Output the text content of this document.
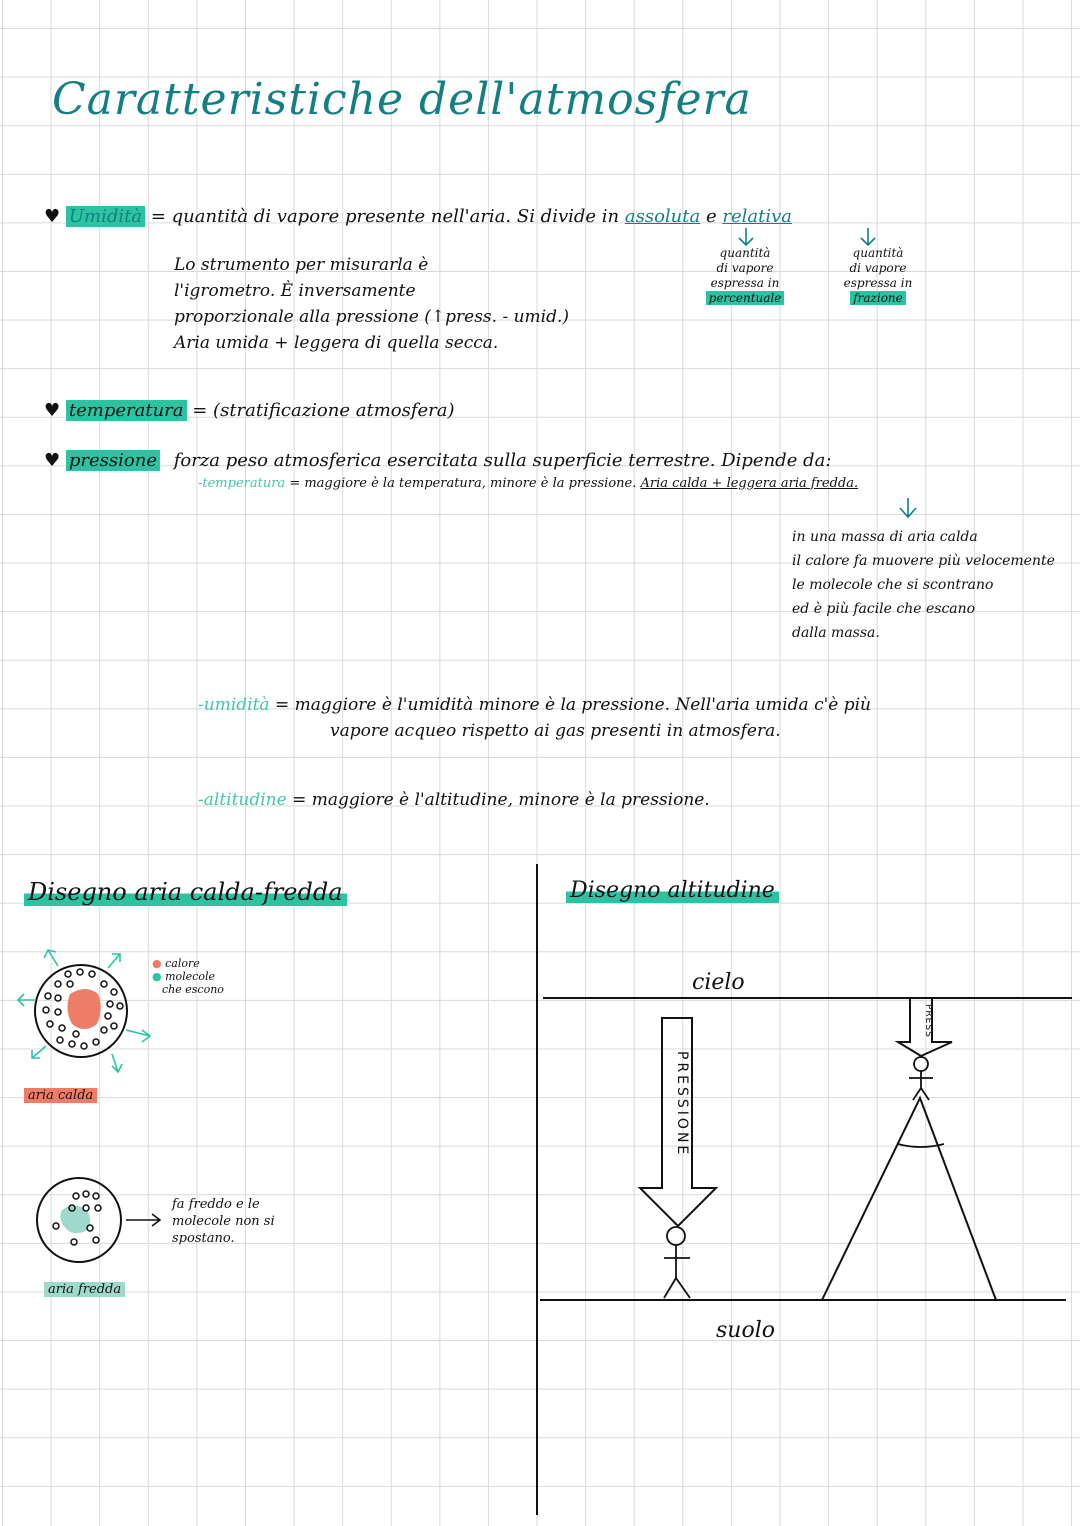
Caratteristiche dell'atmosfera
♥ Umidità = quantità di vapore presente nell'aria. Si divide in assoluta e relativa
quantità
di vapore
espressa in
percentuale
quantità
di vapore
espressa in
frazione
Lo strumento per misurarla è
l'igrometro. È inversamente
proporzionale alla pressione (↑press. - umid.)
Aria umida + leggera di quella secca.
♥ temperatura = (stratificazione atmosfera)
♥ pressione forza peso atmosferica esercitata sulla superficie terrestre. Dipende da:
-temperatura = maggiore è la temperatura, minore è la pressione. Aria calda + leggera aria fredda.
in una massa di aria calda
il calore fa muovere più velocemente
le molecole che si scontrano
ed è più facile che escano
dalla massa.
-umidità = maggiore è l'umidità minore è la pressione. Nell'aria umida c'è più
vapore acqueo rispetto ai gas presenti in atmosfera.
-altitudine = maggiore è l'altitudine, minore è la pressione.
Disegno aria calda-fredda
● calore
● molecole
che escono
aria calda
fa freddo e le
molecole non si
spostano.
aria fredda
Disegno altitudine
cielo
suolo
PRESSIONE
PRESS
